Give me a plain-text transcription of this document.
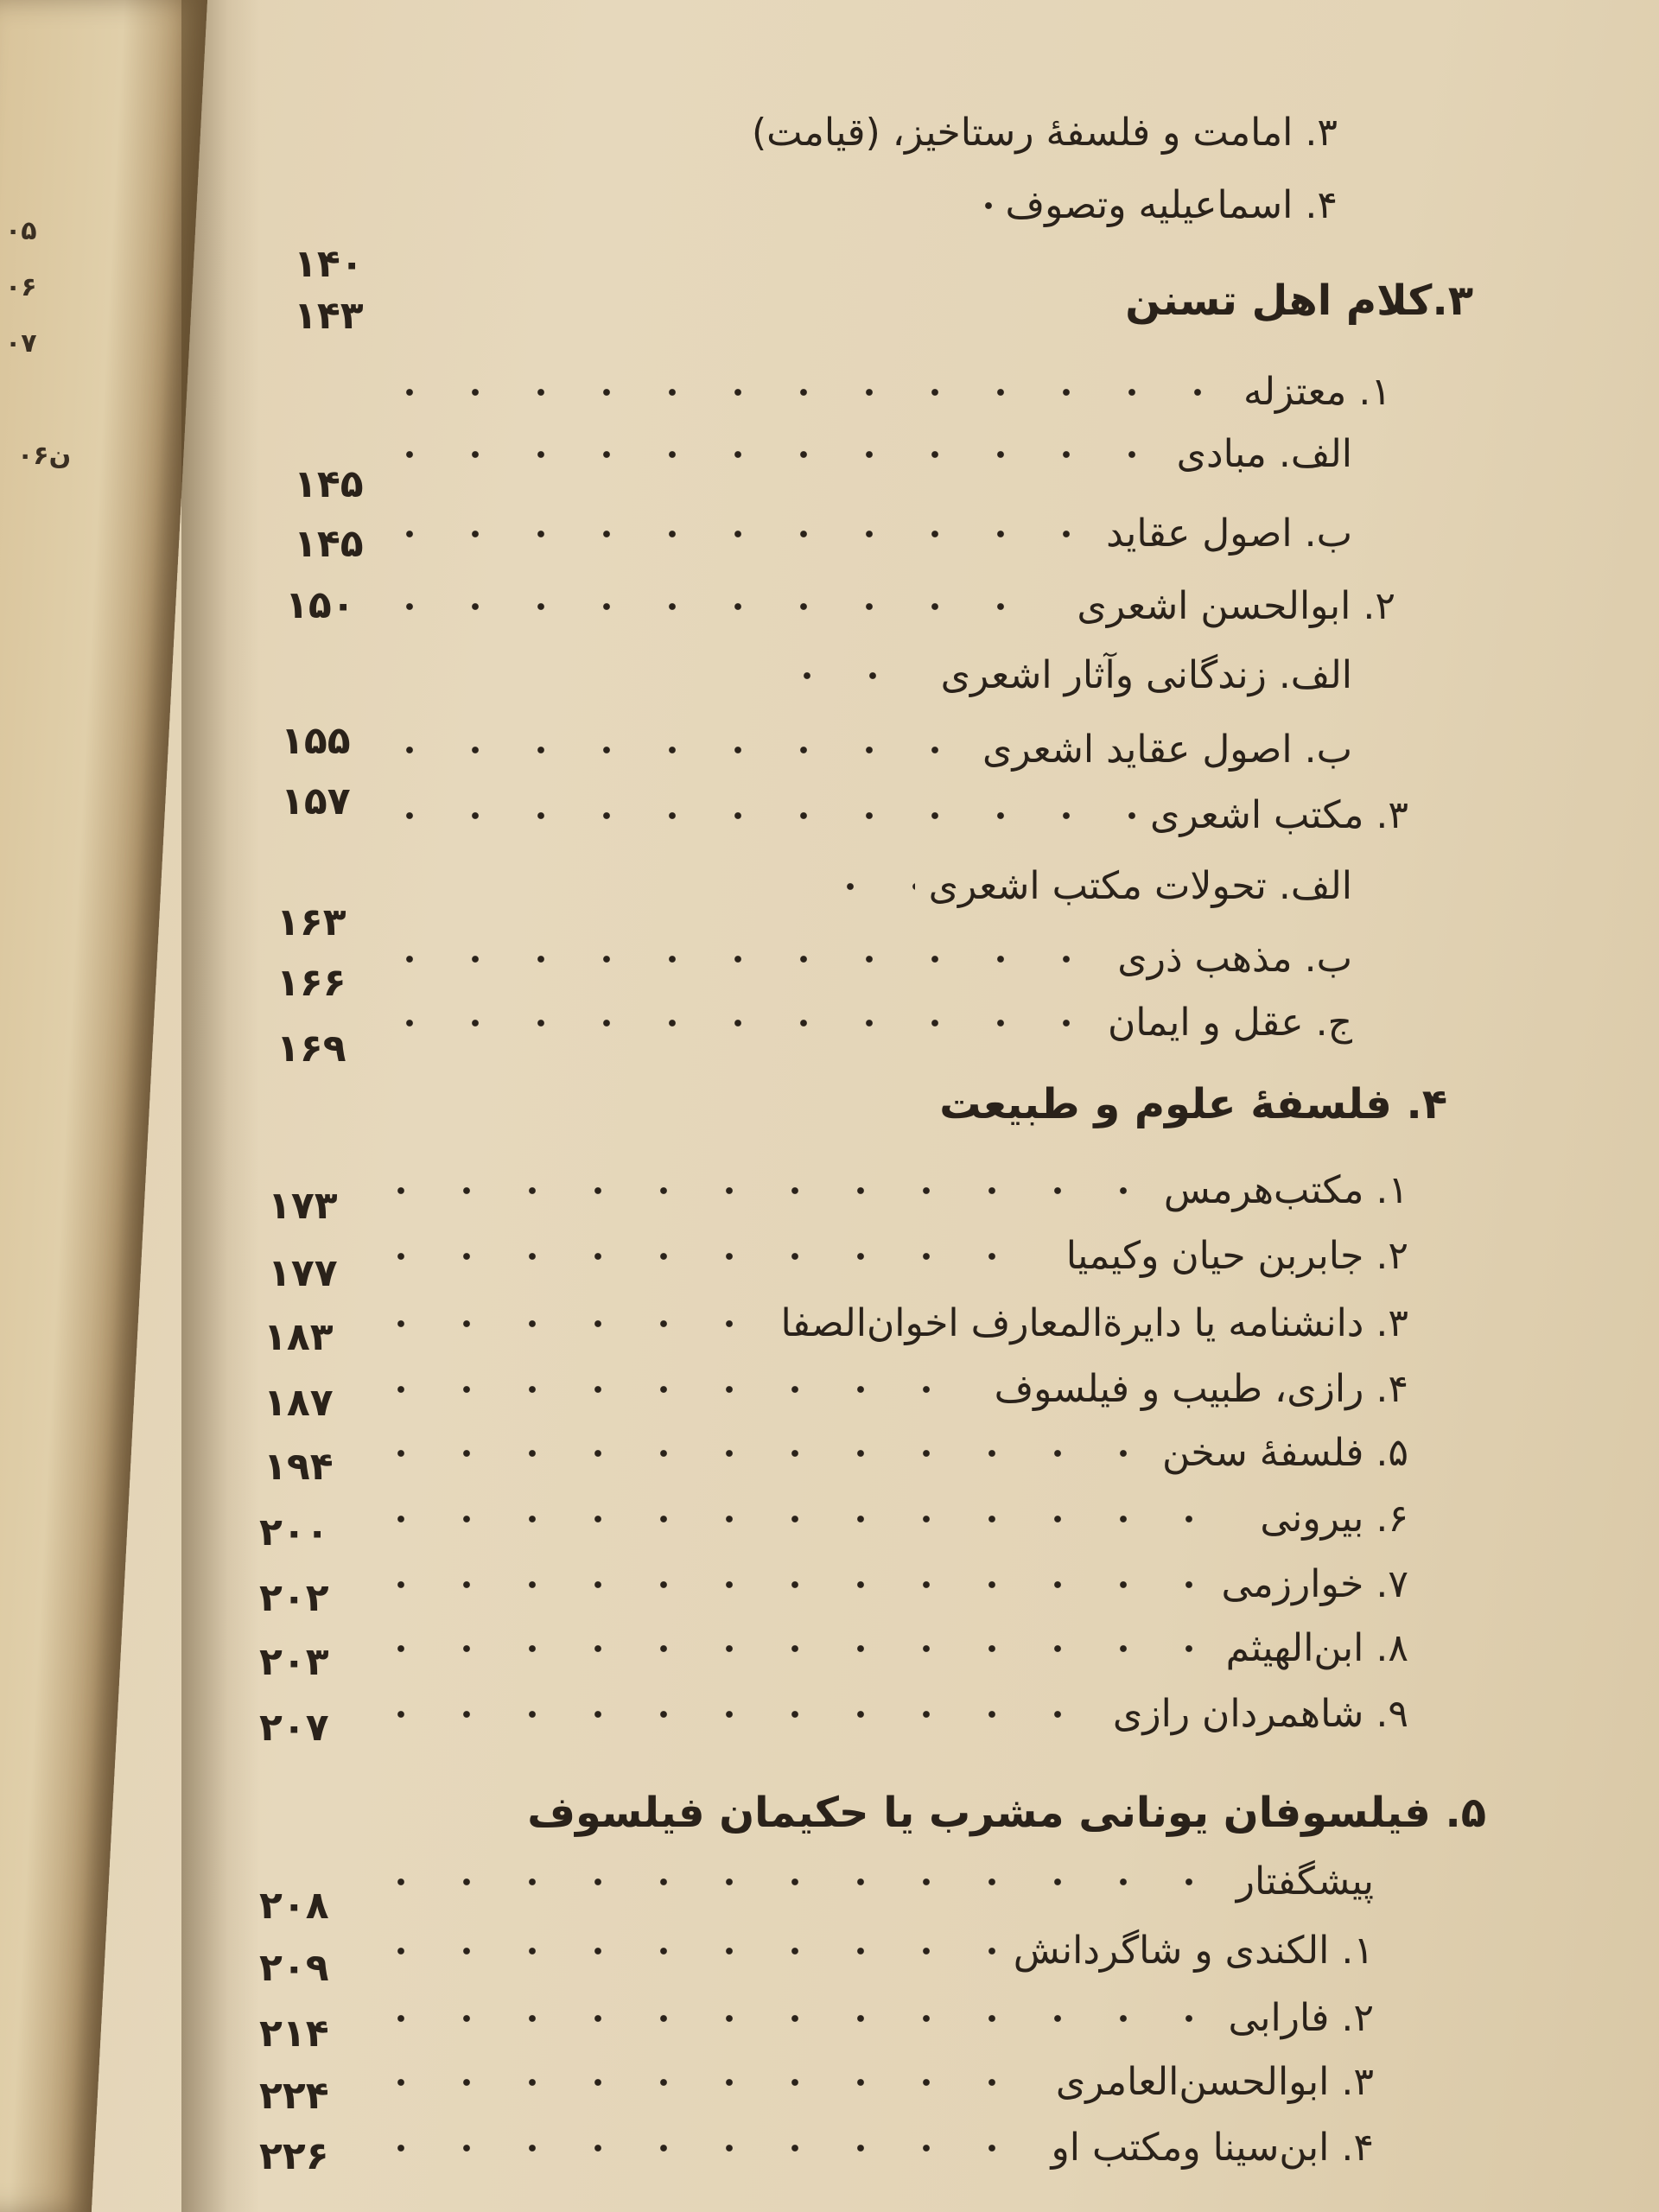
۰۵
۰۶
۰۷
۰۶ن
۳. امامت و فلسفهٔ رستاخیز، (قیامت)
۴. اسماعیلیه وتصوف
۱۴۰
۳.کلام اهل تسنن
۱۴۳
۱. معتزله
الف. مبادی
۱۴۵
ب. اصول عقاید
۱۴۵
۲. ابوالحسن اشعری
۱۵۰
الف. زندگانی وآثار اشعری
ب. اصول عقاید اشعری
۱۵۵
۳. مکتب اشعری
۱۵۷
الف. تحولات مکتب اشعری
ب. مذهب ذری
۱۶۳
ج. عقل و ایمان
۱۶۶
۴. فلسفهٔ علوم و طبیعت
۱۶۹
۱. مکتب‌هرمس
۱۷۳
۲. جابربن حیان وکیمیا
۱۷۷
۳. دانشنامه یا دایرة‌المعارف اخوان‌الصفا
۱۸۳
۴. رازی، طبیب و فیلسوف
۱۸۷
۵. فلسفهٔ سخن
۱۹۴
۶. بیرونی
۲۰۰
۷. خوارزمی
۲۰۲
۸. ابن‌الهیثم
۲۰۳
۹. شاهمردان رازی
۲۰۷
۵. فیلسوفان یونانی مشرب یا حکیمان فیلسوف
پیشگفتار
۲۰۸
۱. الکندی و شاگردانش
۲۰۹
۲. فارابی
۲۱۴
۳. ابوالحسن‌العامری
۲۲۴
۴. ابن‌سینا ومکتب او
۲۲۶
